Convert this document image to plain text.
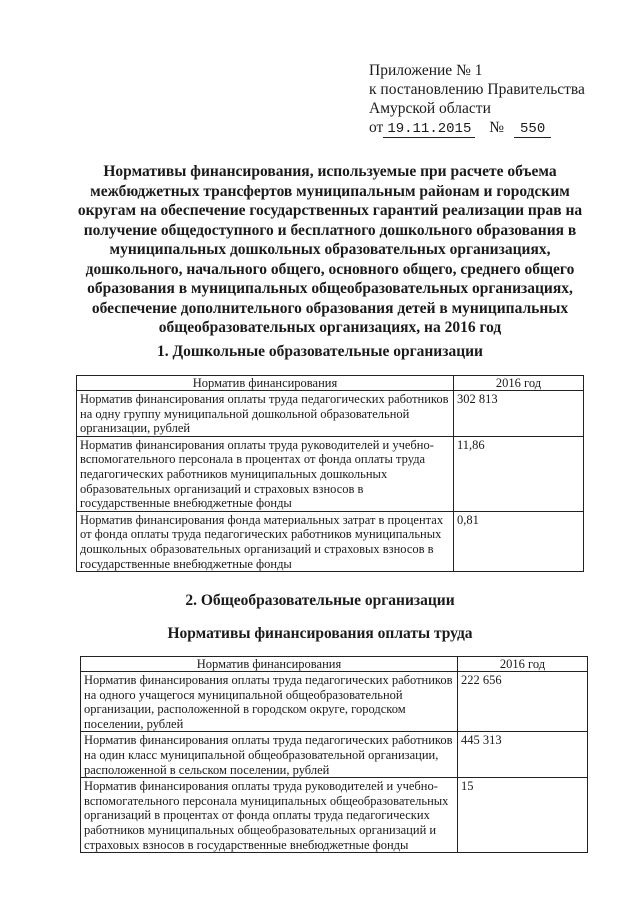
Приложение № 1
к постановлению Правительства
Амурской области
от 19.11.2015 № 550
Нормативы финансирования, используемые при расчете объема межбюджетных трансфертов муниципальным районам и городским округам на обеспечение государственных гарантий реализации прав на получение общедоступного и бесплатного дошкольного образования в муниципальных дошкольных образовательных организациях, дошкольного, начального общего, основного общего, среднего общего образования в муниципальных общеобразовательных организациях, обеспечение дополнительного образования детей в муниципальных общеобразовательных организациях, на 2016 год
1. Дошкольные образовательные организации
Норматив финансирования	2016 год
Норматив финансирования оплаты труда педагогических работников на одну группу муниципальной дошкольной образовательной организации, рублей	302 813
Норматив финансирования оплаты труда руководителей и учебно-вспомогательного персонала в процентах от фонда оплаты труда педагогических работников муниципальных дошкольных образовательных организаций и страховых взносов в государственные внебюджетные фонды	11,86
Норматив финансирования фонда материальных затрат в процентах от фонда оплаты труда педагогических работников муниципальных дошкольных образовательных организаций и страховых взносов в государственные внебюджетные фонды	0,81
2. Общеобразовательные организации
Нормативы финансирования оплаты труда
Норматив финансирования	2016 год
Норматив финансирования оплаты труда педагогических работников на одного учащегося муниципальной общеобразовательной организации, расположенной в городском округе, городском поселении, рублей	222 656
Норматив финансирования оплаты труда педагогических работников на один класс муниципальной общеобразовательной организации, расположенной в сельском поселении, рублей	445 313
Норматив финансирования оплаты труда руководителей и учебно-вспомогательного персонала муниципальных общеобразовательных организаций в процентах от фонда оплаты труда педагогических работников муниципальных общеобразовательных организаций и страховых взносов в государственные внебюджетные фонды	15
